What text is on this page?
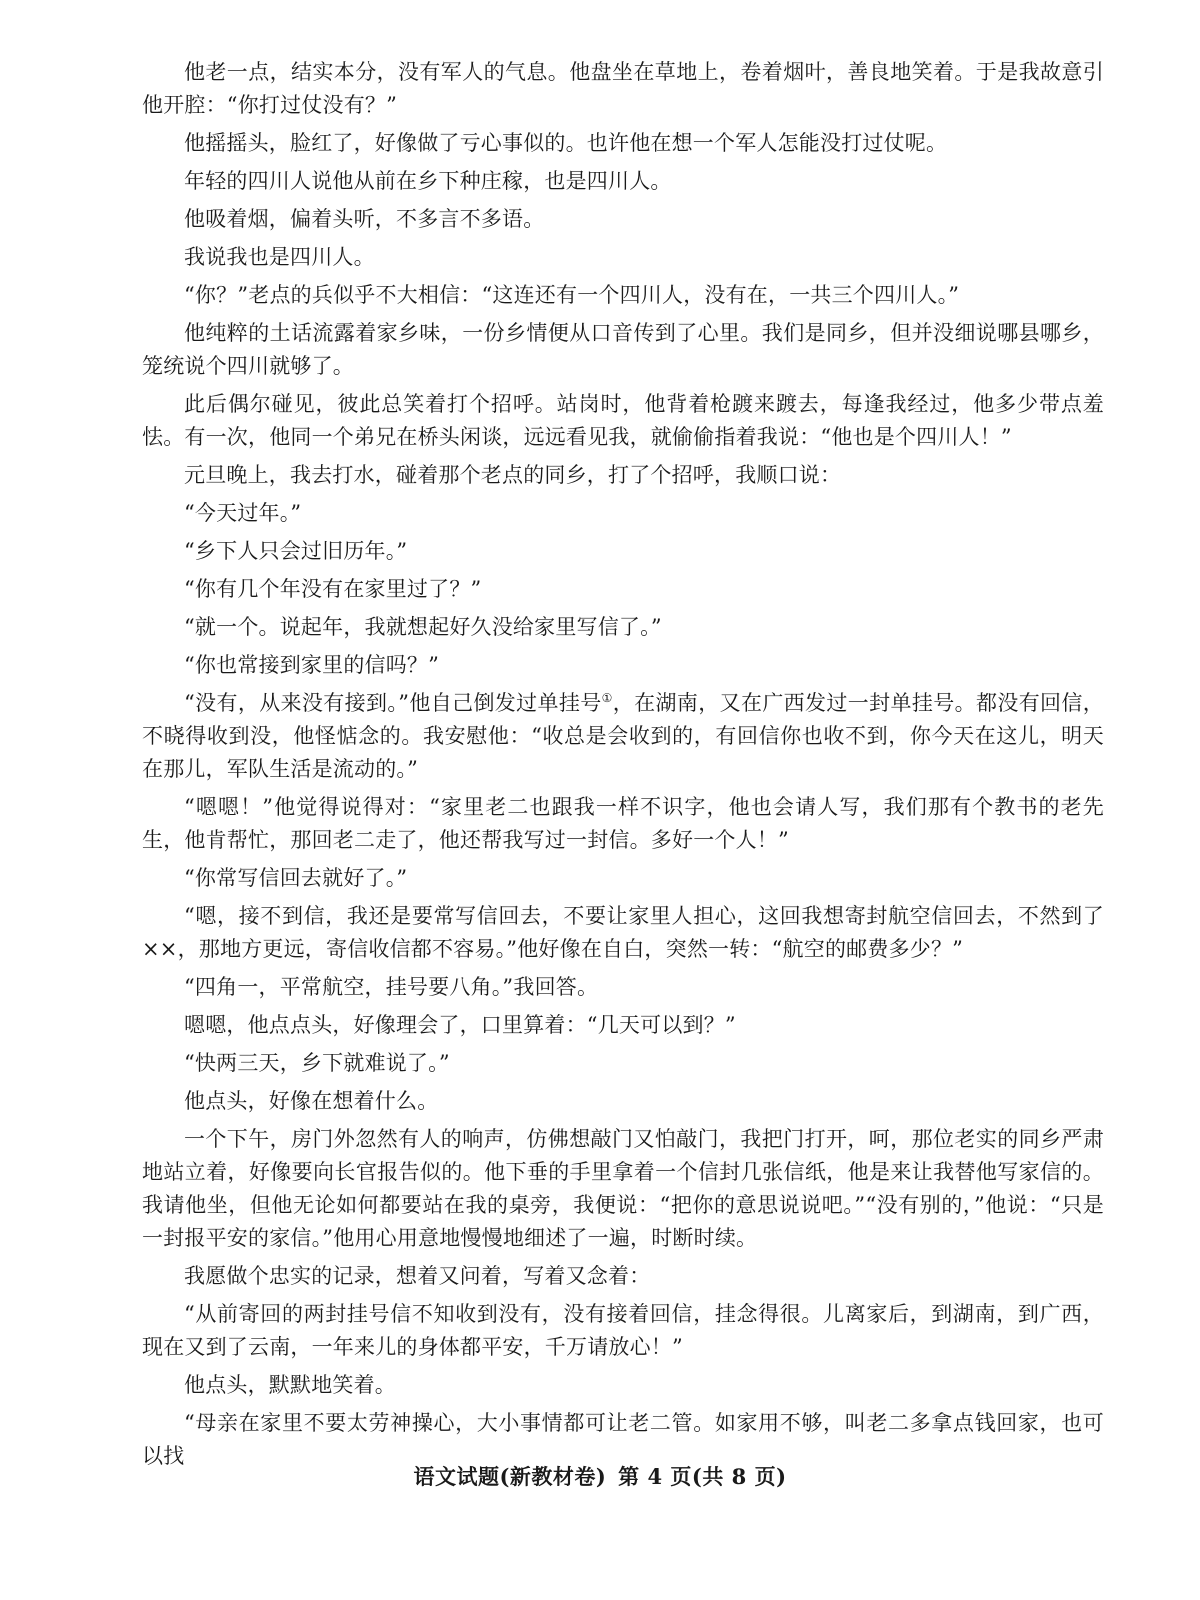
他老一点，结实本分，没有军人的气息。他盘坐在草地上，卷着烟叶，善良地笑着。于是我故意引他开腔：“你打过仗没有？”

他摇摇头，脸红了，好像做了亏心事似的。也许他在想一个军人怎能没打过仗呢。

年轻的四川人说他从前在乡下种庄稼，也是四川人。

他吸着烟，偏着头听，不多言不多语。

我说我也是四川人。

“你？”老点的兵似乎不大相信：“这连还有一个四川人，没有在，一共三个四川人。”

他纯粹的土话流露着家乡味，一份乡情便从口音传到了心里。我们是同乡，但并没细说哪县哪乡，笼统说个四川就够了。

此后偶尔碰见，彼此总笑着打个招呼。站岗时，他背着枪踱来踱去，每逢我经过，他多少带点羞怯。有一次，他同一个弟兄在桥头闲谈，远远看见我，就偷偷指着我说：“他也是个四川人！”

元旦晚上，我去打水，碰着那个老点的同乡，打了个招呼，我顺口说：

“今天过年。”

“乡下人只会过旧历年。”

“你有几个年没有在家里过了？”

“就一个。说起年，我就想起好久没给家里写信了。”

“你也常接到家里的信吗？”

“没有，从来没有接到。”他自己倒发过单挂号①，在湖南，又在广西发过一封单挂号。都没有回信，不晓得收到没，他怪惦念的。我安慰他：“收总是会收到的，有回信你也收不到，你今天在这儿，明天在那儿，军队生活是流动的。”

“嗯嗯！”他觉得说得对：“家里老二也跟我一样不识字，他也会请人写，我们那有个教书的老先生，他肯帮忙，那回老二走了，他还帮我写过一封信。多好一个人！”

“你常写信回去就好了。”

“嗯，接不到信，我还是要常写信回去，不要让家里人担心，这回我想寄封航空信回去，不然到了××，那地方更远，寄信收信都不容易。”他好像在自白，突然一转：“航空的邮费多少？”

“四角一，平常航空，挂号要八角。”我回答。

嗯嗯，他点点头，好像理会了，口里算着：“几天可以到？”

“快两三天，乡下就难说了。”

他点头，好像在想着什么。

一个下午，房门外忽然有人的响声，仿佛想敲门又怕敲门，我把门打开，呵，那位老实的同乡严肃地站立着，好像要向长官报告似的。他下垂的手里拿着一个信封几张信纸，他是来让我替他写家信的。我请他坐，但他无论如何都要站在我的桌旁，我便说：“把你的意思说说吧。”“没有别的，”他说：“只是一封报平安的家信。”他用心用意地慢慢地细述了一遍，时断时续。

我愿做个忠实的记录，想着又问着，写着又念着：

“从前寄回的两封挂号信不知收到没有，没有接着回信，挂念得很。儿离家后，到湖南，到广西，现在又到了云南，一年来儿的身体都平安，千万请放心！”

他点头，默默地笑着。

“母亲在家里不要太劳神操心，大小事情都可让老二管。如家用不够，叫老二多拿点钱回家，也可以找

语文试题(新教材卷) 第 4 页(共 8 页)
